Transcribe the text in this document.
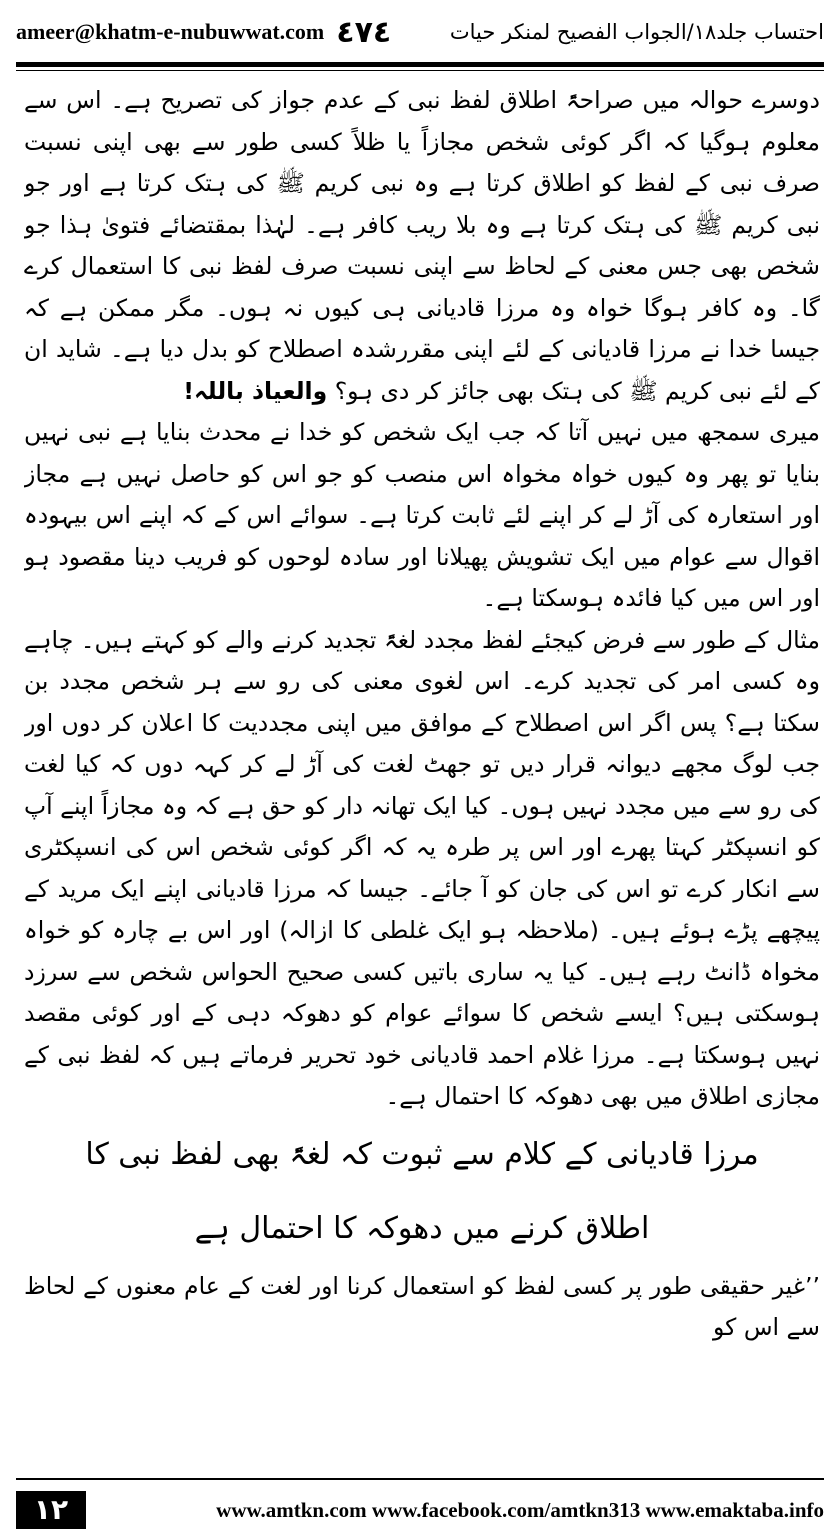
ameer@khatm-e-nubuwwat.com ٤٧٤	احتساب جلد۱۸/الجواب الفصیح لمنکر حیات

دوسرے حوالہ میں صراحۃً اطلاق لفظ نبی کے عدم جواز کی تصریح ہے۔ اس سے معلوم ہوگیا کہ اگر کوئی شخص مجازاً یا ظلاً کسی طور سے بھی اپنی نسبت صرف نبی کے لفظ کو اطلاق کرتا ہے وہ نبی کریم ﷺ کی ہتک کرتا ہے اور جو نبی کریم ﷺ کی ہتک کرتا ہے وہ بلا ریب کافر ہے۔ لہٰذا بمقتضائے فتویٰ ہذا جو شخص بھی جس معنی کے لحاظ سے اپنی نسبت صرف لفظ نبی کا استعمال کرے گا۔ وہ کافر ہوگا خواہ وہ مرزا قادیانی ہی کیوں نہ ہوں۔ مگر ممکن ہے کہ جیسا خدا نے مرزا قادیانی کے لئے اپنی مقررشدہ اصطلاح کو بدل دیا ہے۔ شاید ان کے لئے نبی کریم ﷺ کی ہتک بھی جائز کر دی ہو؟ والعیاذ باللہ!

میری سمجھ میں نہیں آتا کہ جب ایک شخص کو خدا نے محدث بنایا ہے نبی نہیں بنایا تو پھر وہ کیوں خواہ مخواہ اس منصب کو جو اس کو حاصل نہیں ہے مجاز اور استعارہ کی آڑ لے کر اپنے لئے ثابت کرتا ہے۔ سوائے اس کے کہ اپنے اس بیہودہ اقوال سے عوام میں ایک تشویش پھیلانا اور سادہ لوحوں کو فریب دینا مقصود ہو اور اس میں کیا فائدہ ہوسکتا ہے۔

مثال کے طور سے فرض کیجئے لفظ مجدد لغۃً تجدید کرنے والے کو کہتے ہیں۔ چاہے وہ کسی امر کی تجدید کرے۔ اس لغوی معنی کی رو سے ہر شخص مجدد بن سکتا ہے؟ پس اگر اس اصطلاح کے موافق میں اپنی مجددیت کا اعلان کر دوں اور جب لوگ مجھے دیوانہ قرار دیں تو جھٹ لغت کی آڑ لے کر کہہ دوں کہ کیا لغت کی رو سے میں مجدد نہیں ہوں۔ کیا ایک تھانہ دار کو حق ہے کہ وہ مجازاً اپنے آپ کو انسپکٹر کہتا پھرے اور اس پر طرہ یہ کہ اگر کوئی شخص اس کی انسپکٹری سے انکار کرے تو اس کی جان کو آ جائے۔ جیسا کہ مرزا قادیانی اپنے ایک مرید کے پیچھے پڑے ہوئے ہیں۔ (ملاحظہ ہو ایک غلطی کا ازالہ) اور اس بے چارہ کو خواہ مخواہ ڈانٹ رہے ہیں۔ کیا یہ ساری باتیں کسی صحیح الحواس شخص سے سرزد ہوسکتی ہیں؟ ایسے شخص کا سوائے عوام کو دھوکہ دہی کے اور کوئی مقصد نہیں ہوسکتا ہے۔ مرزا غلام احمد قادیانی خود تحریر فرماتے ہیں کہ لفظ نبی کے مجازی اطلاق میں بھی دھوکہ کا احتمال ہے۔

مرزا قادیانی کے کلام سے ثبوت کہ لغۃً بھی لفظ نبی کا
اطلاق کرنے میں دھوکہ کا احتمال ہے

’’غیر حقیقی طور پر کسی لفظ کو استعمال کرنا اور لغت کے عام معنوں کے لحاظ سے اس کو

۱۲	www.amtkn.com www.facebook.com/amtkn313 www.emaktaba.info
